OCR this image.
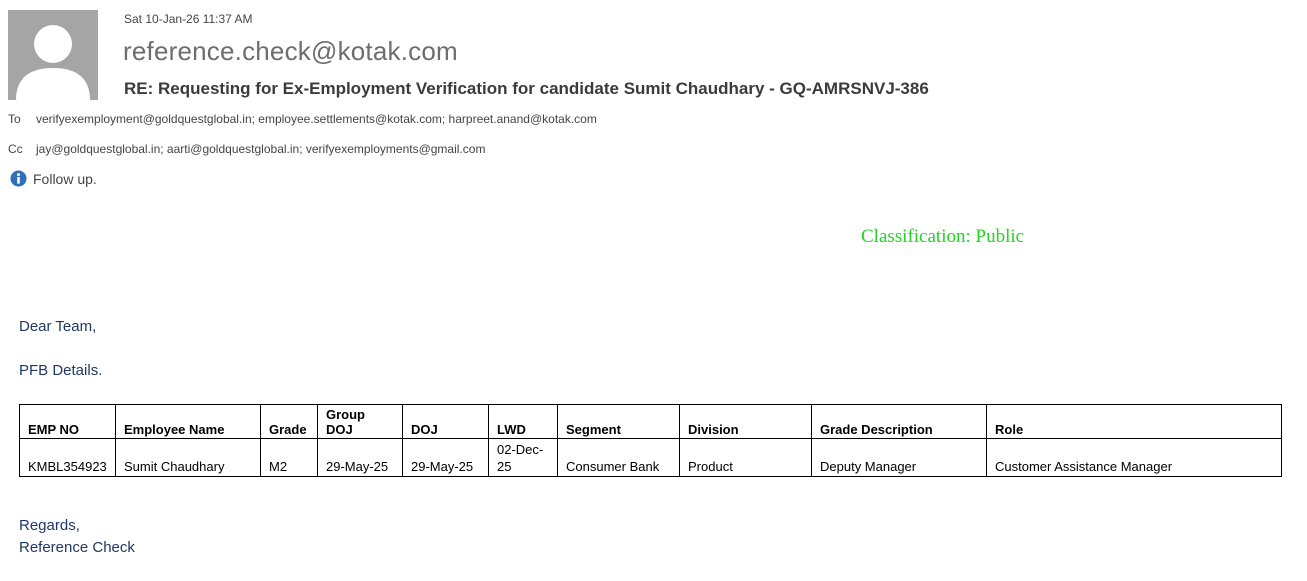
Sat 10-Jan-26 11:37 AM
reference.check@kotak.com
RE: Requesting for Ex-Employment Verification for candidate Sumit Chaudhary - GQ-AMRSNVJ-386
To verifyexemployment@goldquestglobal.in; employee.settlements@kotak.com; harpreet.anand@kotak.com
Cc jay@goldquestglobal.in; aarti@goldquestglobal.in; verifyexemployments@gmail.com
Follow up.
Classification: Public
Dear Team,
PFB Details.
EMP NO	Employee Name	Grade	Group DOJ	DOJ	LWD	Segment	Division	Grade Description	Role
KMBL354923	Sumit Chaudhary	M2	29-May-25	29-May-25	02-Dec-25	Consumer Bank	Product	Deputy Manager	Customer Assistance Manager
Regards,
Reference Check
